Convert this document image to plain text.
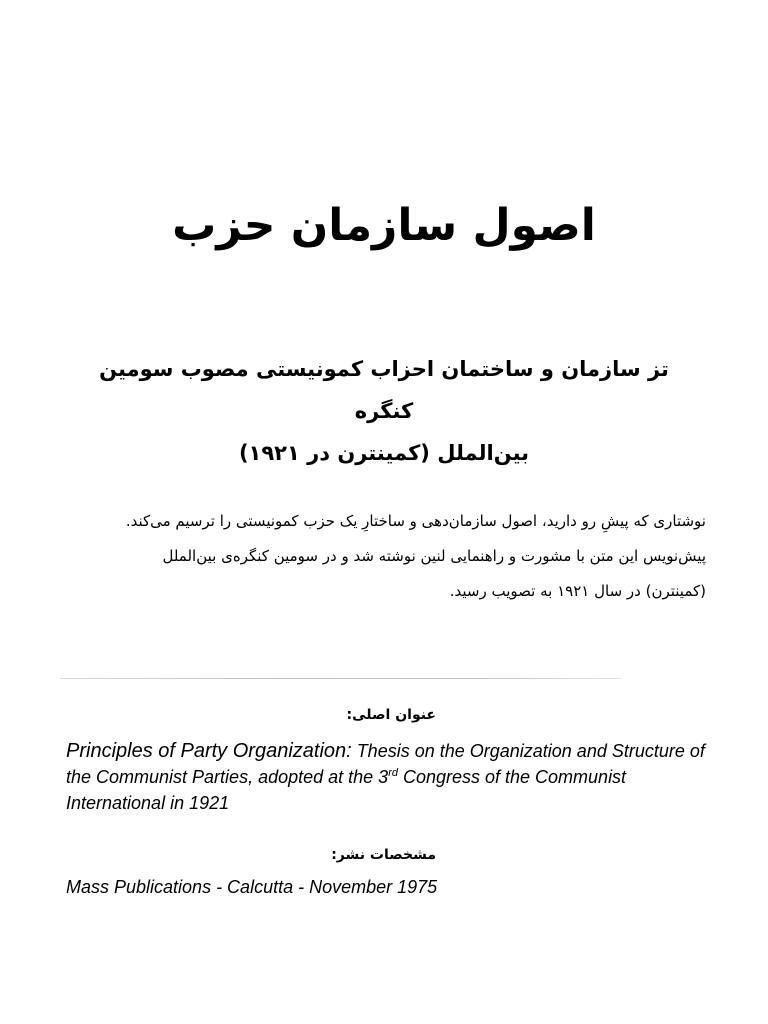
اصول سازمان حزب
تز سازمان و ساختمان احزاب کمونیستی مصوب سومین کنگره
بین‌الملل (کمینترن در ۱۹۲۱)
نوشتاری که پیشِ رو دارید، اصول سازمان‌دهی و ساختارِ یک حزب کمونیستی را ترسیم می‌کند.
پیش‌نویس این متن با مشورت و راهنمایی لنین نوشته شد و در سومین کنگره‌ی بین‌الملل
(کمینترن) در سال ۱۹۲۱ به تصویب رسید.
عنوان اصلی:
Principles of Party Organization: Thesis on the Organization and Structure of the Communist Parties, adopted at the 3rd Congress of the Communist International in 1921
مشخصات نشر:
Mass Publications - Calcutta - November 1975
